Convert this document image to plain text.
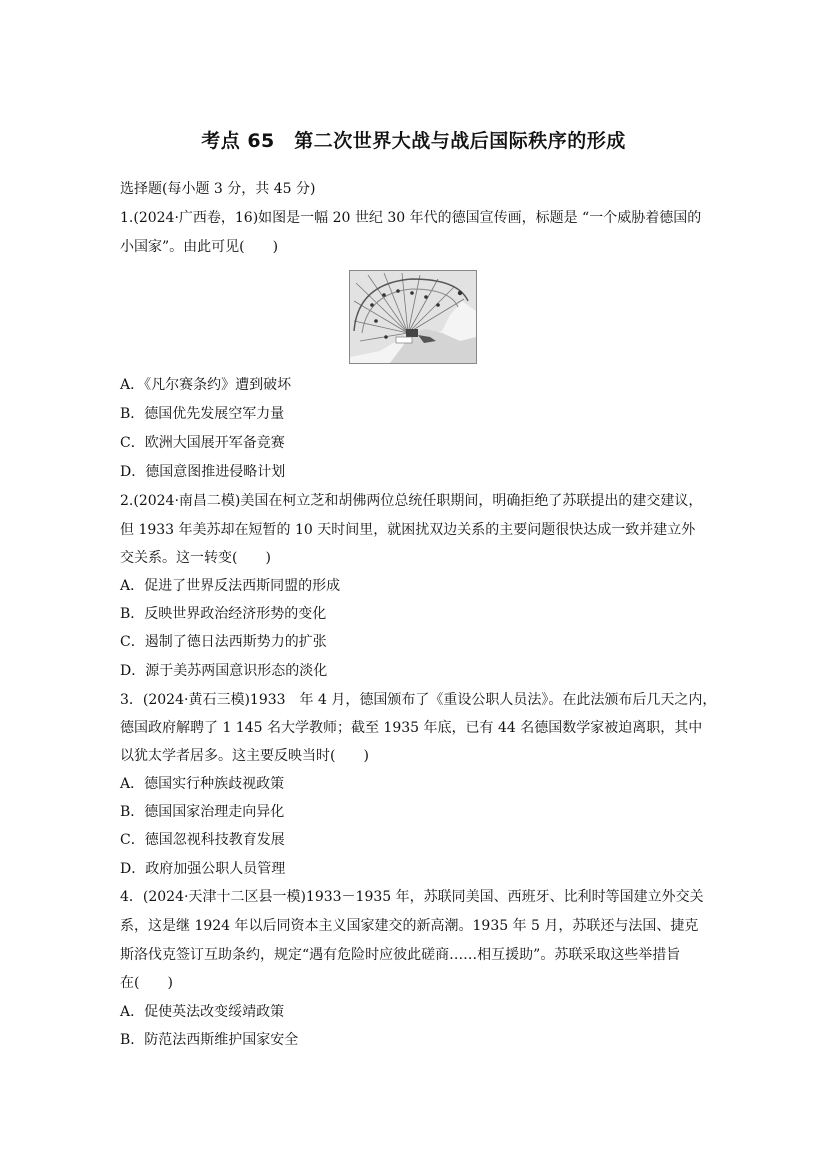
考点 65　第二次世界大战与战后国际秩序的形成
选择题(每小题 3 分，共 45 分)
1.(2024·广西卷，16)如图是一幅 20 世纪 30 年代的德国宣传画，标题是 “一个威胁着德国的
小国家”。由此可见(　　)
A．《凡尔赛条约》遭到破坏
B．德国优先发展空军力量
C．欧洲大国展开军备竞赛
D．德国意图推进侵略计划
2.(2024·南昌二模)美国在柯立芝和胡佛两位总统任职期间，明确拒绝了苏联提出的建交建议，
但 1933 年美苏却在短暂的 10 天时间里，就困扰双边关系的主要问题很快达成一致并建立外
交关系。这一转变(　　)
A．促进了世界反法西斯同盟的形成
B．反映世界政治经济形势的变化
C．遏制了德日法西斯势力的扩张
D．源于美苏两国意识形态的淡化
3．(2024·黄石三模)1933　年 4 月，德国颁布了《重设公职人员法》。在此法颁布后几天之内，
德国政府解聘了 1 145 名大学教师；截至 1935 年底，已有 44 名德国数学家被迫离职，其中
以犹太学者居多。这主要反映当时(　　)
A．德国实行种族歧视政策
B．德国国家治理走向异化
C．德国忽视科技教育发展
D．政府加强公职人员管理
4．(2024·天津十二区县一模)1933－1935 年，苏联同美国、西班牙、比利时等国建立外交关
系，这是继 1924 年以后同资本主义国家建交的新高潮。1935 年 5 月，苏联还与法国、捷克
斯洛伐克签订互助条约，规定“遇有危险时应彼此磋商……相互援助”。苏联采取这些举措旨
在(　　)
A．促使英法改变绥靖政策
B．防范法西斯维护国家安全
